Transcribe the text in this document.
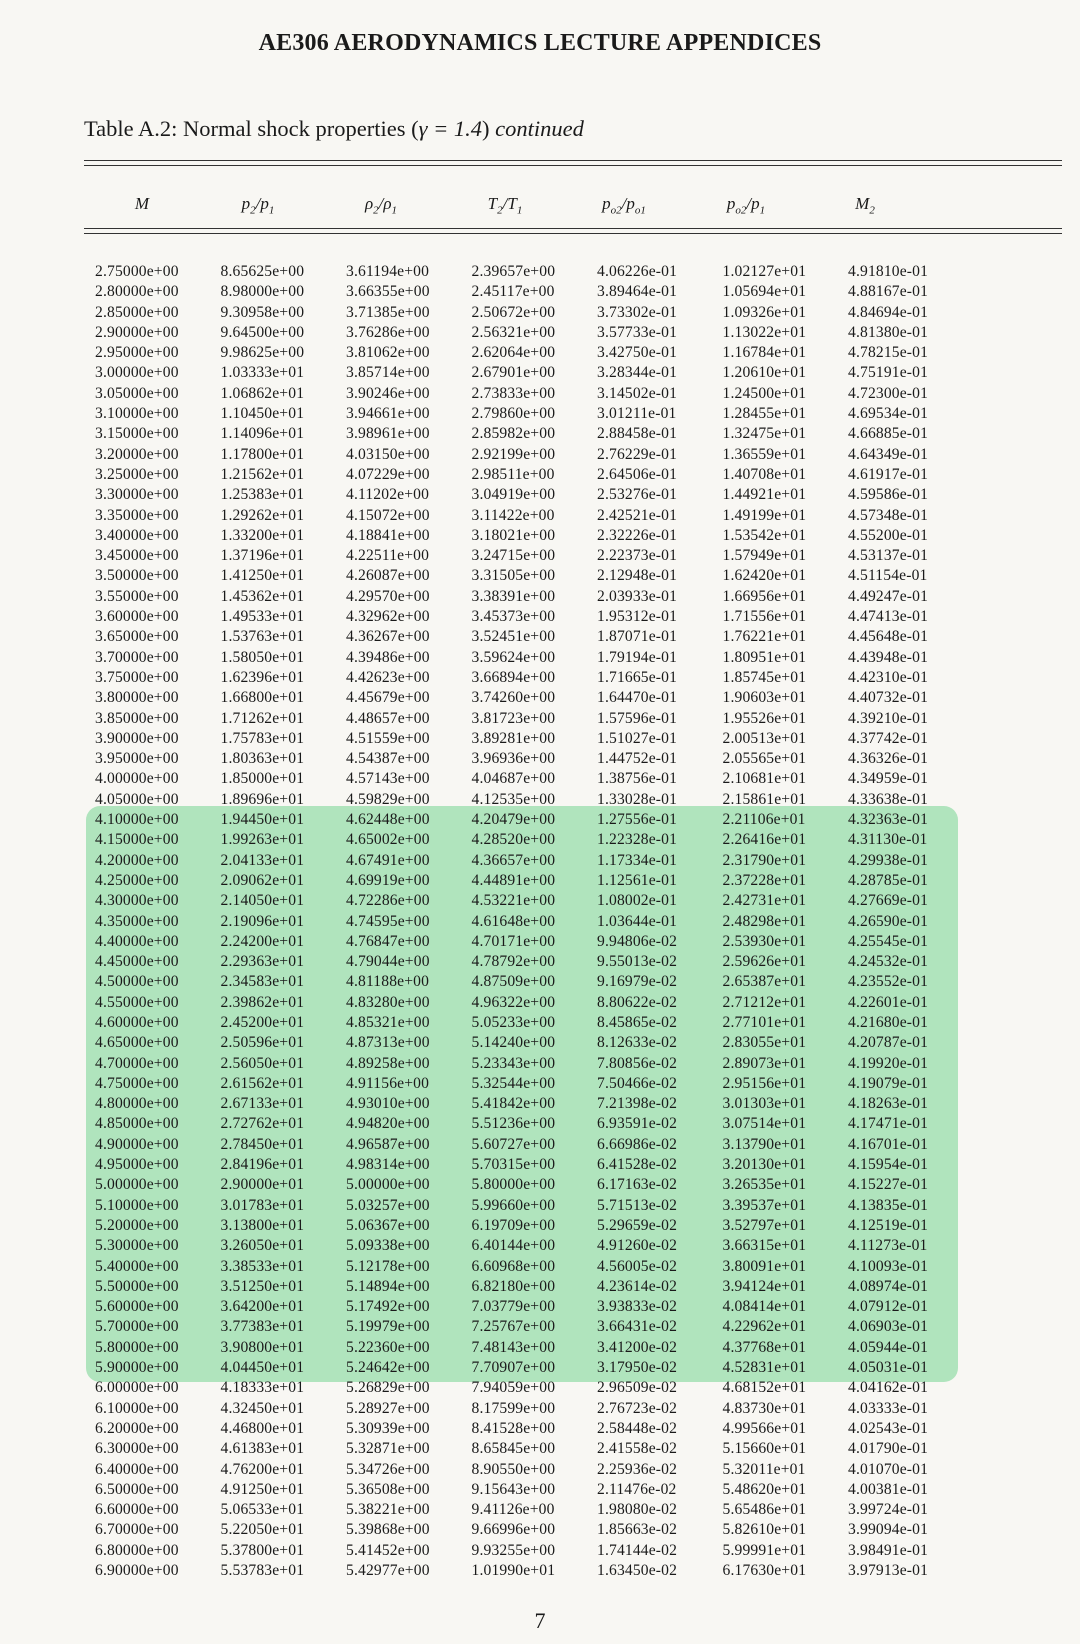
AE306 AERODYNAMICS LECTURE APPENDICES
Table A.2: Normal shock properties (γ = 1.4) continued
M	$p_2/p_1$	$\rho_2/\rho_1$	$T_2/T_1$	$p_{o2}/p_{o1}$	$p_{o2}/p_1$	$M_2$
2.75000e+00	8.65625e+00	3.61194e+00	2.39657e+00	4.06226e-01	1.02127e+01	4.91810e-01
2.80000e+00	8.98000e+00	3.66355e+00	2.45117e+00	3.89464e-01	1.05694e+01	4.88167e-01
2.85000e+00	9.30958e+00	3.71385e+00	2.50672e+00	3.73302e-01	1.09326e+01	4.84694e-01
2.90000e+00	9.64500e+00	3.76286e+00	2.56321e+00	3.57733e-01	1.13022e+01	4.81380e-01
2.95000e+00	9.98625e+00	3.81062e+00	2.62064e+00	3.42750e-01	1.16784e+01	4.78215e-01
3.00000e+00	1.03333e+01	3.85714e+00	2.67901e+00	3.28344e-01	1.20610e+01	4.75191e-01
3.05000e+00	1.06862e+01	3.90246e+00	2.73833e+00	3.14502e-01	1.24500e+01	4.72300e-01
3.10000e+00	1.10450e+01	3.94661e+00	2.79860e+00	3.01211e-01	1.28455e+01	4.69534e-01
3.15000e+00	1.14096e+01	3.98961e+00	2.85982e+00	2.88458e-01	1.32475e+01	4.66885e-01
3.20000e+00	1.17800e+01	4.03150e+00	2.92199e+00	2.76229e-01	1.36559e+01	4.64349e-01
3.25000e+00	1.21562e+01	4.07229e+00	2.98511e+00	2.64506e-01	1.40708e+01	4.61917e-01
3.30000e+00	1.25383e+01	4.11202e+00	3.04919e+00	2.53276e-01	1.44921e+01	4.59586e-01
3.35000e+00	1.29262e+01	4.15072e+00	3.11422e+00	2.42521e-01	1.49199e+01	4.57348e-01
3.40000e+00	1.33200e+01	4.18841e+00	3.18021e+00	2.32226e-01	1.53542e+01	4.55200e-01
3.45000e+00	1.37196e+01	4.22511e+00	3.24715e+00	2.22373e-01	1.57949e+01	4.53137e-01
3.50000e+00	1.41250e+01	4.26087e+00	3.31505e+00	2.12948e-01	1.62420e+01	4.51154e-01
3.55000e+00	1.45362e+01	4.29570e+00	3.38391e+00	2.03933e-01	1.66956e+01	4.49247e-01
3.60000e+00	1.49533e+01	4.32962e+00	3.45373e+00	1.95312e-01	1.71556e+01	4.47413e-01
3.65000e+00	1.53763e+01	4.36267e+00	3.52451e+00	1.87071e-01	1.76221e+01	4.45648e-01
3.70000e+00	1.58050e+01	4.39486e+00	3.59624e+00	1.79194e-01	1.80951e+01	4.43948e-01
3.75000e+00	1.62396e+01	4.42623e+00	3.66894e+00	1.71665e-01	1.85745e+01	4.42310e-01
3.80000e+00	1.66800e+01	4.45679e+00	3.74260e+00	1.64470e-01	1.90603e+01	4.40732e-01
3.85000e+00	1.71262e+01	4.48657e+00	3.81723e+00	1.57596e-01	1.95526e+01	4.39210e-01
3.90000e+00	1.75783e+01	4.51559e+00	3.89281e+00	1.51027e-01	2.00513e+01	4.37742e-01
3.95000e+00	1.80363e+01	4.54387e+00	3.96936e+00	1.44752e-01	2.05565e+01	4.36326e-01
4.00000e+00	1.85000e+01	4.57143e+00	4.04687e+00	1.38756e-01	2.10681e+01	4.34959e-01
4.05000e+00	1.89696e+01	4.59829e+00	4.12535e+00	1.33028e-01	2.15861e+01	4.33638e-01
4.10000e+00	1.94450e+01	4.62448e+00	4.20479e+00	1.27556e-01	2.21106e+01	4.32363e-01
4.15000e+00	1.99263e+01	4.65002e+00	4.28520e+00	1.22328e-01	2.26416e+01	4.31130e-01
4.20000e+00	2.04133e+01	4.67491e+00	4.36657e+00	1.17334e-01	2.31790e+01	4.29938e-01
4.25000e+00	2.09062e+01	4.69919e+00	4.44891e+00	1.12561e-01	2.37228e+01	4.28785e-01
4.30000e+00	2.14050e+01	4.72286e+00	4.53221e+00	1.08002e-01	2.42731e+01	4.27669e-01
4.35000e+00	2.19096e+01	4.74595e+00	4.61648e+00	1.03644e-01	2.48298e+01	4.26590e-01
4.40000e+00	2.24200e+01	4.76847e+00	4.70171e+00	9.94806e-02	2.53930e+01	4.25545e-01
4.45000e+00	2.29363e+01	4.79044e+00	4.78792e+00	9.55013e-02	2.59626e+01	4.24532e-01
4.50000e+00	2.34583e+01	4.81188e+00	4.87509e+00	9.16979e-02	2.65387e+01	4.23552e-01
4.55000e+00	2.39862e+01	4.83280e+00	4.96322e+00	8.80622e-02	2.71212e+01	4.22601e-01
4.60000e+00	2.45200e+01	4.85321e+00	5.05233e+00	8.45865e-02	2.77101e+01	4.21680e-01
4.65000e+00	2.50596e+01	4.87313e+00	5.14240e+00	8.12633e-02	2.83055e+01	4.20787e-01
4.70000e+00	2.56050e+01	4.89258e+00	5.23343e+00	7.80856e-02	2.89073e+01	4.19920e-01
4.75000e+00	2.61562e+01	4.91156e+00	5.32544e+00	7.50466e-02	2.95156e+01	4.19079e-01
4.80000e+00	2.67133e+01	4.93010e+00	5.41842e+00	7.21398e-02	3.01303e+01	4.18263e-01
4.85000e+00	2.72762e+01	4.94820e+00	5.51236e+00	6.93591e-02	3.07514e+01	4.17471e-01
4.90000e+00	2.78450e+01	4.96587e+00	5.60727e+00	6.66986e-02	3.13790e+01	4.16701e-01
4.95000e+00	2.84196e+01	4.98314e+00	5.70315e+00	6.41528e-02	3.20130e+01	4.15954e-01
5.00000e+00	2.90000e+01	5.00000e+00	5.80000e+00	6.17163e-02	3.26535e+01	4.15227e-01
5.10000e+00	3.01783e+01	5.03257e+00	5.99660e+00	5.71513e-02	3.39537e+01	4.13835e-01
5.20000e+00	3.13800e+01	5.06367e+00	6.19709e+00	5.29659e-02	3.52797e+01	4.12519e-01
5.30000e+00	3.26050e+01	5.09338e+00	6.40144e+00	4.91260e-02	3.66315e+01	4.11273e-01
5.40000e+00	3.38533e+01	5.12178e+00	6.60968e+00	4.56005e-02	3.80091e+01	4.10093e-01
5.50000e+00	3.51250e+01	5.14894e+00	6.82180e+00	4.23614e-02	3.94124e+01	4.08974e-01
5.60000e+00	3.64200e+01	5.17492e+00	7.03779e+00	3.93833e-02	4.08414e+01	4.07912e-01
5.70000e+00	3.77383e+01	5.19979e+00	7.25767e+00	3.66431e-02	4.22962e+01	4.06903e-01
5.80000e+00	3.90800e+01	5.22360e+00	7.48143e+00	3.41200e-02	4.37768e+01	4.05944e-01
5.90000e+00	4.04450e+01	5.24642e+00	7.70907e+00	3.17950e-02	4.52831e+01	4.05031e-01
6.00000e+00	4.18333e+01	5.26829e+00	7.94059e+00	2.96509e-02	4.68152e+01	4.04162e-01
6.10000e+00	4.32450e+01	5.28927e+00	8.17599e+00	2.76723e-02	4.83730e+01	4.03333e-01
6.20000e+00	4.46800e+01	5.30939e+00	8.41528e+00	2.58448e-02	4.99566e+01	4.02543e-01
6.30000e+00	4.61383e+01	5.32871e+00	8.65845e+00	2.41558e-02	5.15660e+01	4.01790e-01
6.40000e+00	4.76200e+01	5.34726e+00	8.90550e+00	2.25936e-02	5.32011e+01	4.01070e-01
6.50000e+00	4.91250e+01	5.36508e+00	9.15643e+00	2.11476e-02	5.48620e+01	4.00381e-01
6.60000e+00	5.06533e+01	5.38221e+00	9.41126e+00	1.98080e-02	5.65486e+01	3.99724e-01
6.70000e+00	5.22050e+01	5.39868e+00	9.66996e+00	1.85663e-02	5.82610e+01	3.99094e-01
6.80000e+00	5.37800e+01	5.41452e+00	9.93255e+00	1.74144e-02	5.99991e+01	3.98491e-01
6.90000e+00	5.53783e+01	5.42977e+00	1.01990e+01	1.63450e-02	6.17630e+01	3.97913e-01
7
